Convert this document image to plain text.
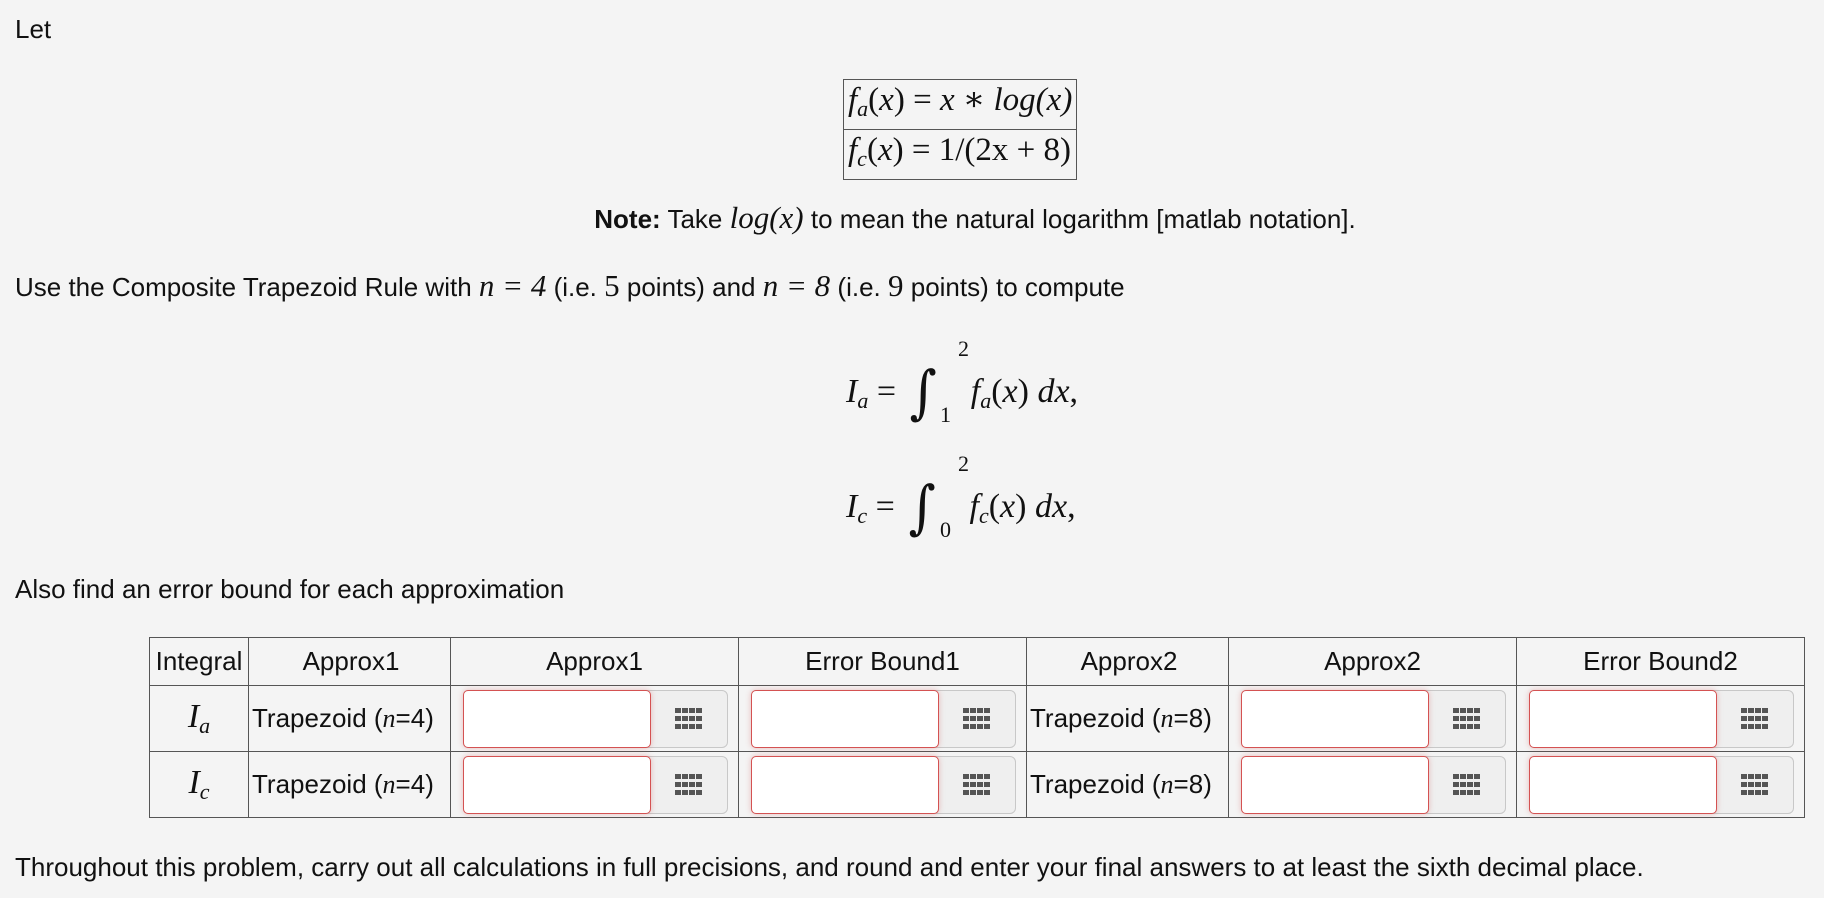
Let
$f_a(x) = x$ ∗ log(x)
$f_c(x) = 1/(2x + 8)$
Note: Take log(x) to mean the natural logarithm [matlab notation].
Use the Composite Trapezoid Rule with n = 4 (i.e. 5 points) and n = 8 (i.e. 9 points) to compute
$I_a$ = ∫
2
1
$f_a(x)$ dx,
$I_c$ = ∫
2
0
$f_c(x)$ dx,
Also find an error bound for each approximation
Integral	Approx1	Approx1	Error Bound1	Approx2	Approx2	Error Bound2
$I_a$	Trapezoid (n=4)			Trapezoid (n=8)	

$I_c$	Trapezoid (n=4)			Trapezoid (n=8)	

Throughout this problem, carry out all calculations in full precisions, and round and enter your final answers to at least the sixth decimal place.
